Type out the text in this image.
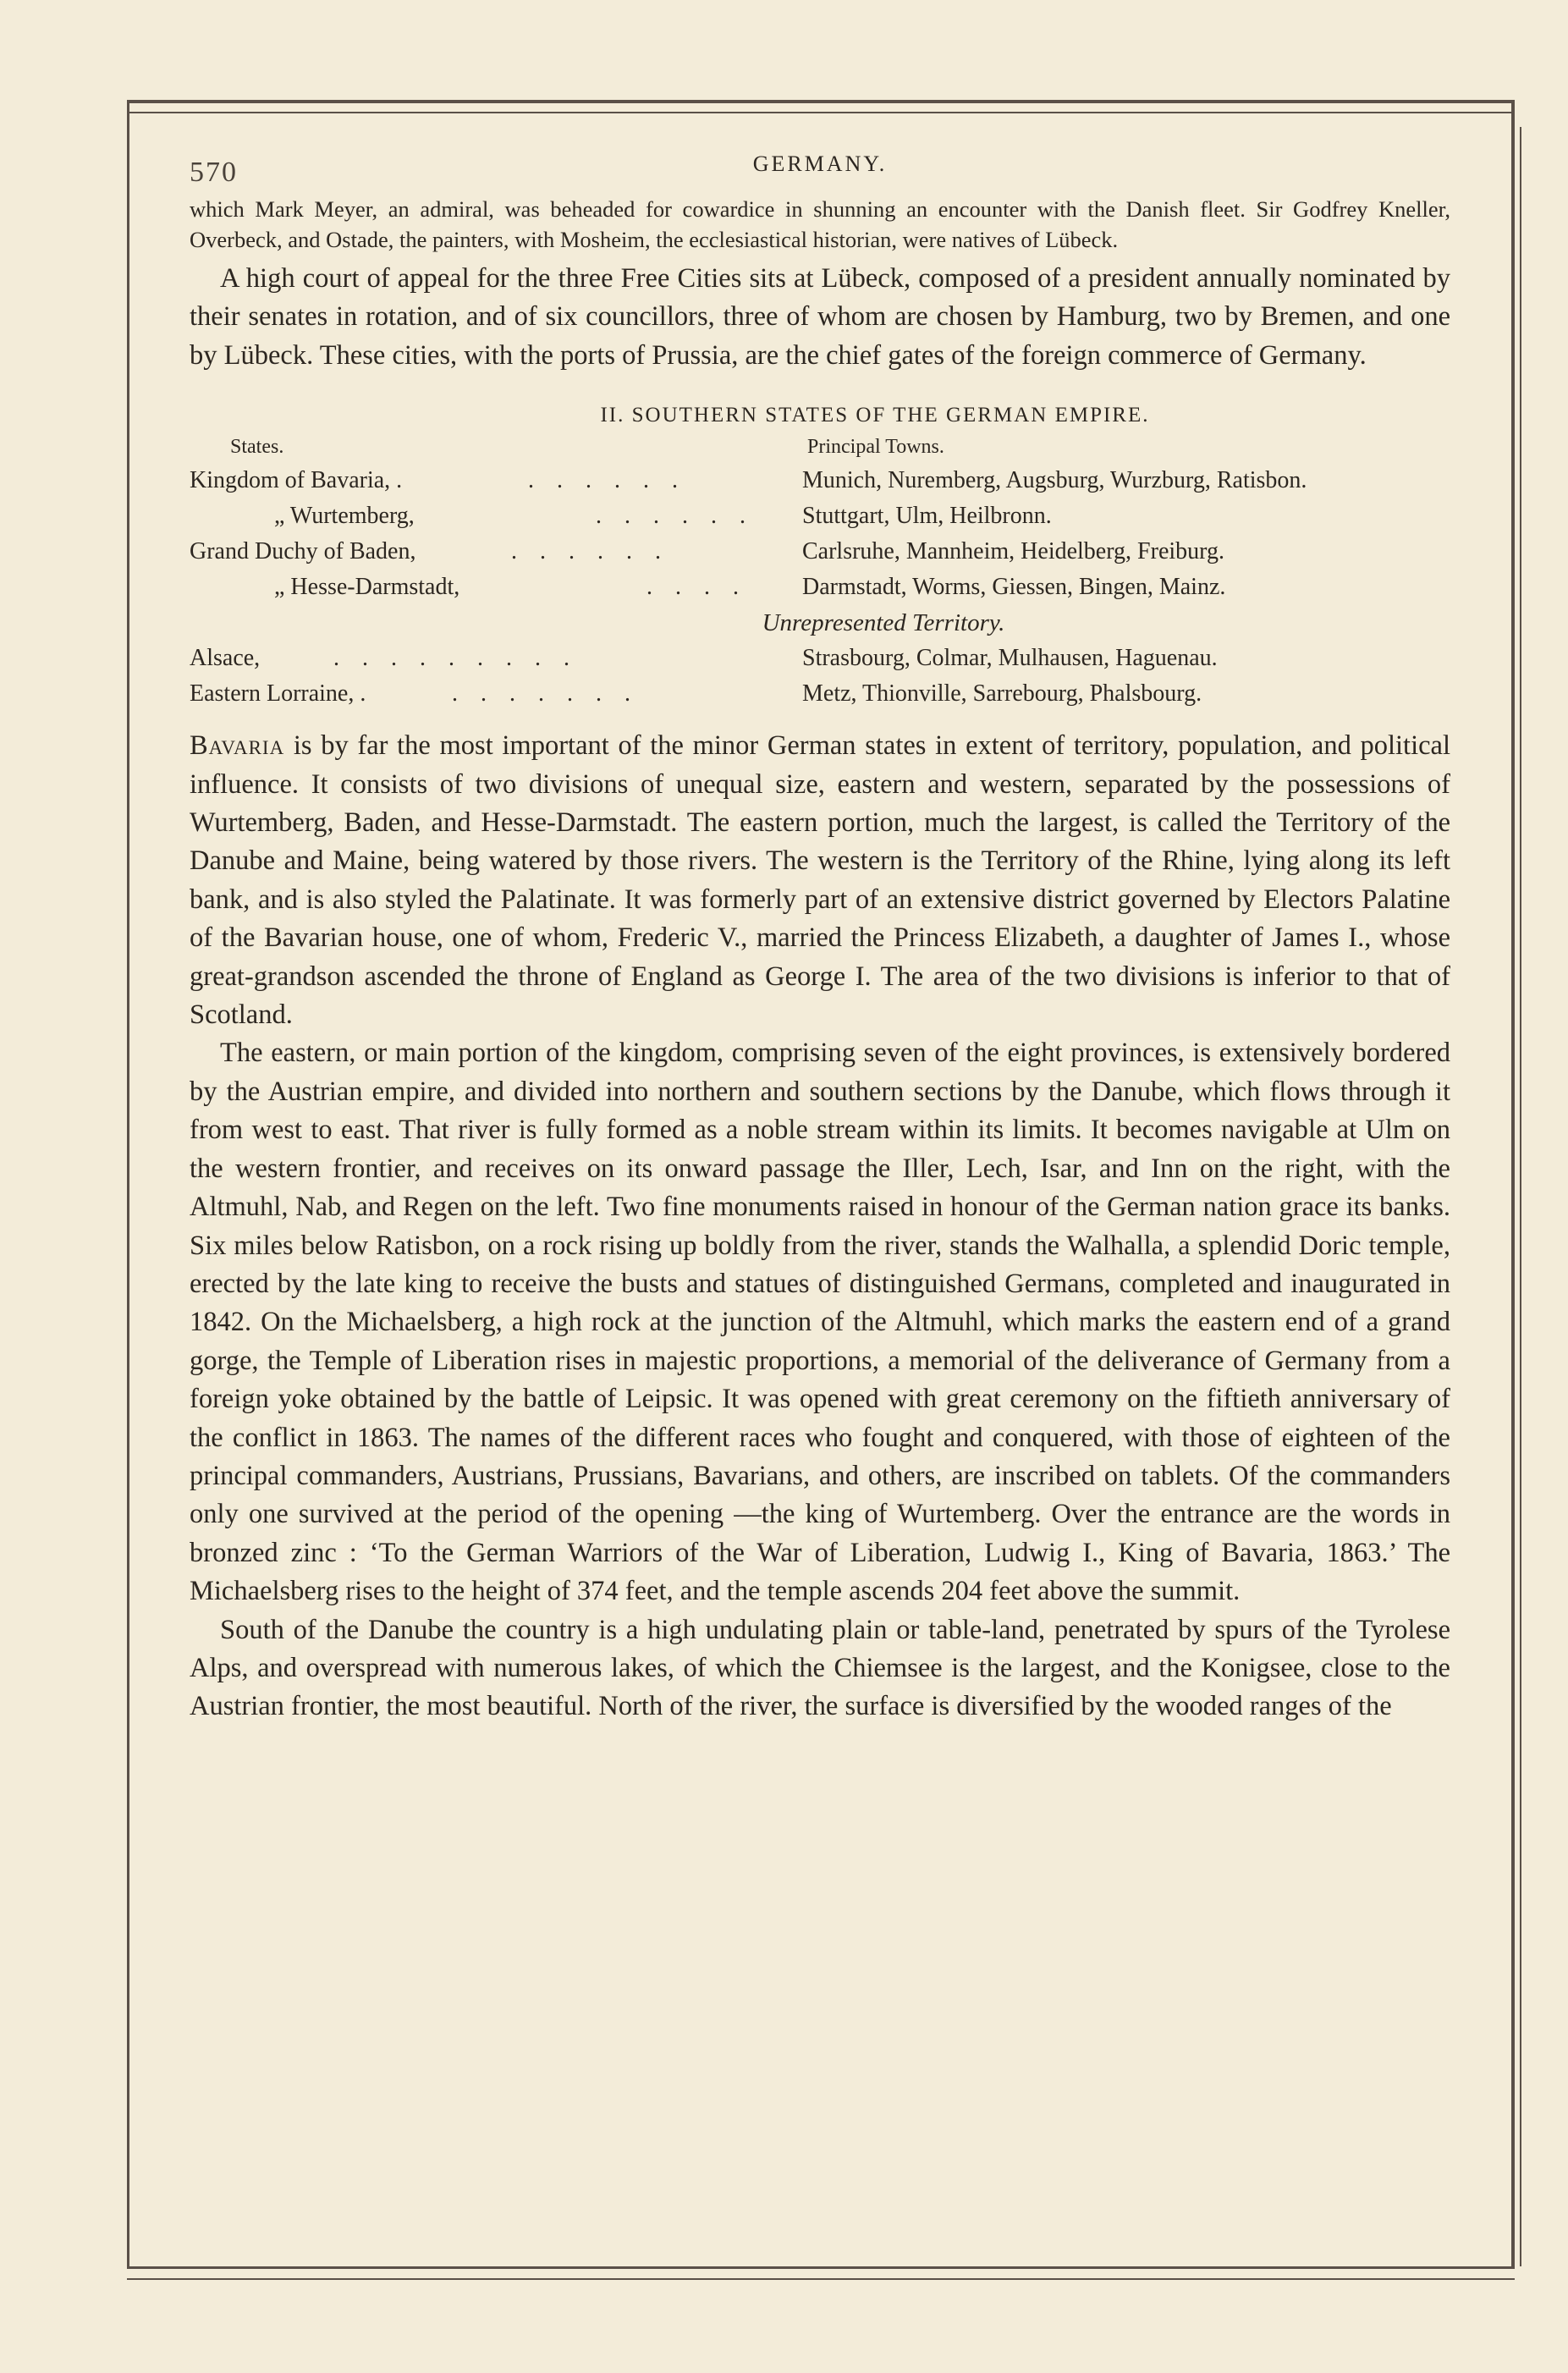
570	GERMANY.

which Mark Meyer, an admiral, was beheaded for cowardice in shunning an encounter with the Danish fleet. Sir Godfrey Kneller, Overbeck, and Ostade, the painters, with Mosheim, the ecclesiastical historian, were natives of Lübeck.

A high court of appeal for the three Free Cities sits at Lübeck, composed of a president annually nominated by their senates in rotation, and of six councillors, three of whom are chosen by Hamburg, two by Bremen, and one by Lübeck. These cities, with the ports of Prussia, are the chief gates of the foreign commerce of Germany.

II. SOUTHERN STATES OF THE GERMAN EMPIRE.
States.	Principal Towns.
Kingdom of Bavaria, .	. . . . . .	Munich, Nuremberg, Augsburg, Wurzburg, Ratisbon.
„ Wurtemberg,	. . . . . . Stuttgart, Ulm, Heilbronn.
Grand Duchy of Baden,	. . . . . .	Carlsruhe, Mannheim, Heidelberg, Freiburg.
„ Hesse-Darmstadt,	. . . . Darmstadt, Worms, Giessen, Bingen, Mainz.
Unrepresented Territory.
Alsace,	. . . . . . . . .	Strasbourg, Colmar, Mulhausen, Haguenau.
Eastern Lorraine, .	. . . . . . .	Metz, Thionville, Sarrebourg, Phalsbourg.

Bavaria is by far the most important of the minor German states in extent of territory, population, and political influence. It consists of two divisions of unequal size, eastern and western, separated by the possessions of Wurtemberg, Baden, and Hesse-Darmstadt. The eastern portion, much the largest, is called the Territory of the Danube and Maine, being watered by those rivers. The western is the Territory of the Rhine, lying along its left bank, and is also styled the Palatinate. It was formerly part of an extensive district governed by Electors Palatine of the Bavarian house, one of whom, Frederic V., married the Princess Elizabeth, a daughter of James I., whose great-grandson ascended the throne of England as George I. The area of the two divisions is inferior to that of Scotland.

The eastern, or main portion of the kingdom, comprising seven of the eight provinces, is extensively bordered by the Austrian empire, and divided into northern and southern sections by the Danube, which flows through it from west to east. That river is fully formed as a noble stream within its limits. It becomes navigable at Ulm on the western frontier, and receives on its onward passage the Iller, Lech, Isar, and Inn on the right, with the Altmuhl, Nab, and Regen on the left. Two fine monuments raised in honour of the German nation grace its banks. Six miles below Ratisbon, on a rock rising up boldly from the river, stands the Walhalla, a splendid Doric temple, erected by the late king to receive the busts and statues of distinguished Germans, completed and inaugurated in 1842. On the Michaelsberg, a high rock at the junction of the Altmuhl, which marks the eastern end of a grand gorge, the Temple of Liberation rises in majestic proportions, a memorial of the deliverance of Germany from a foreign yoke obtained by the battle of Leipsic. It was opened with great ceremony on the fiftieth anniversary of the conflict in 1863. The names of the different races who fought and conquered, with those of eighteen of the principal commanders, Austrians, Prussians, Bavarians, and others, are inscribed on tablets. Of the commanders only one survived at the period of the opening —the king of Wurtemberg. Over the entrance are the words in bronzed zinc : ‘To the German Warriors of the War of Liberation, Ludwig I., King of Bavaria, 1863.’ The Michaelsberg rises to the height of 374 feet, and the temple ascends 204 feet above the summit.

South of the Danube the country is a high undulating plain or table-land, penetrated by spurs of the Tyrolese Alps, and overspread with numerous lakes, of which the Chiemsee is the largest, and the Konigsee, close to the Austrian frontier, the most beautiful. North of the river, the surface is diversified by the wooded ranges of the
